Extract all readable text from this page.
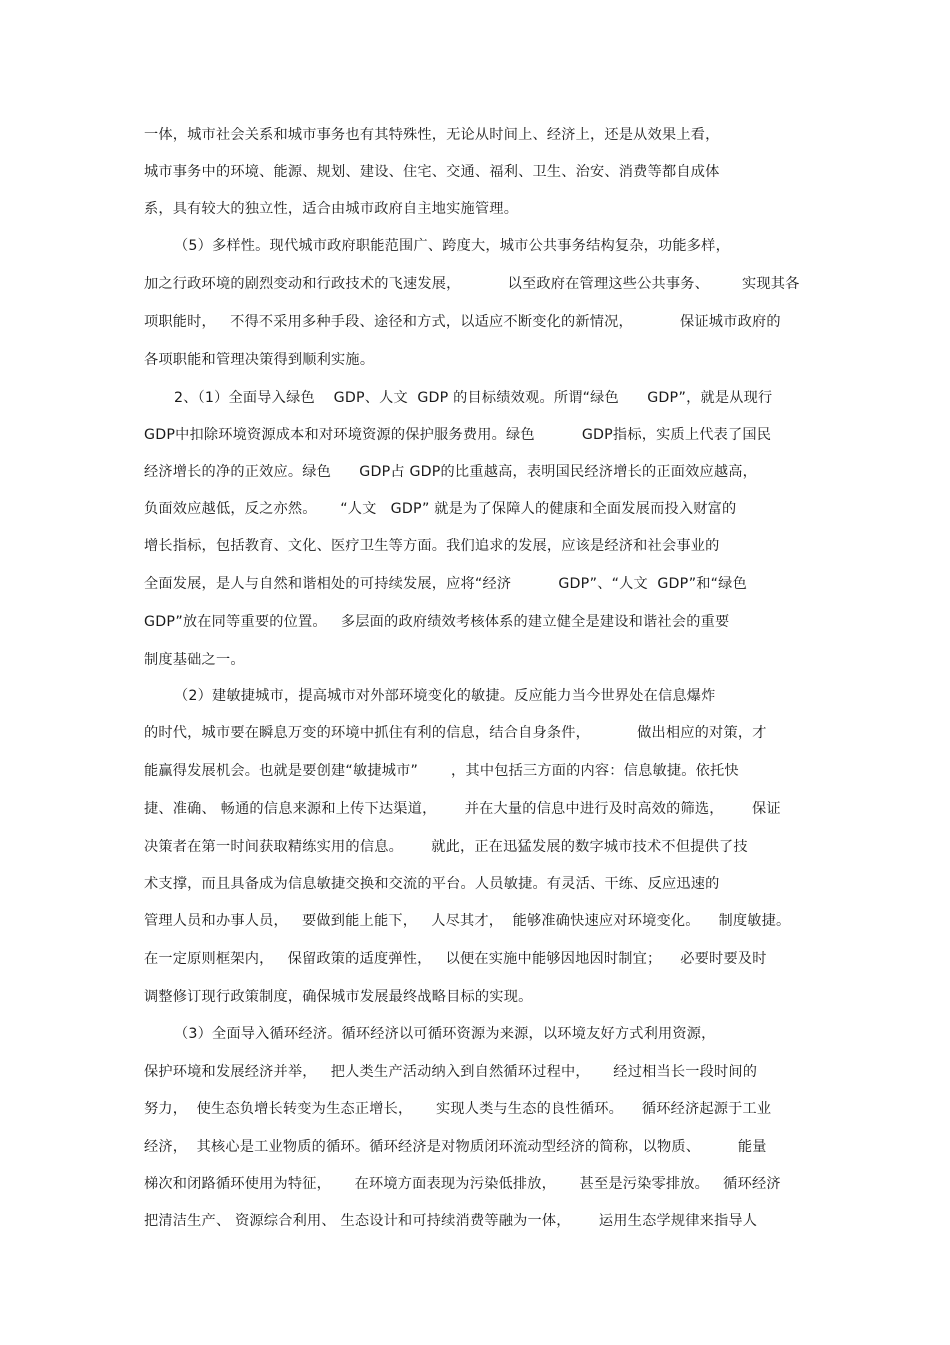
一体，城市社会关系和城市事务也有其特殊性，无论从时间上、经济上，还是从效果上看，
城市事务中的环境、能源、规划、建设、住宅、交通、福利、卫生、治安、消费等都自成体
系，具有较大的独立性，适合由城市政府自主地实施管理。
（5）多样性。现代城市政府职能范围广、跨度大，城市公共事务结构复杂，功能多样，
加之行政环境的剧烈变动和行政技术的飞速发展，          以至政府在管理这些公共事务、       实现其各
项职能时，   不得不采用多种手段、途径和方式，以适应不断变化的新情况，          保证城市政府的
各项职能和管理决策得到顺利实施。
2、（1）全面导入绿色    GDP、人文  GDP 的目标绩效观。所谓“绿色      GDP”，就是从现行
GDP中扣除环境资源成本和对环境资源的保护服务费用。绿色          GDP指标，实质上代表了国民
经济增长的净的正效应。绿色      GDP占 GDP的比重越高，表明国民经济增长的正面效应越高，
负面效应越低，反之亦然。     “人文   GDP” 就是为了保障人的健康和全面发展而投入财富的
增长指标，包括教育、文化、医疗卫生等方面。我们追求的发展，应该是经济和社会事业的
全面发展，是人与自然和谐相处的可持续发展，应将“经济          GDP”、“人文  GDP”和“绿色
GDP”放在同等重要的位置。   多层面的政府绩效考核体系的建立健全是建设和谐社会的重要
制度基础之一。
（2）建敏捷城市，提高城市对外部环境变化的敏捷。反应能力当今世界处在信息爆炸
的时代，城市要在瞬息万变的环境中抓住有利的信息，结合自身条件，          做出相应的对策，才
能赢得发展机会。也就是要创建“敏捷城市”       ，其中包括三方面的内容：信息敏捷。依托快
捷、准确、 畅通的信息来源和上传下达渠道，      并在大量的信息中进行及时高效的筛选，      保证
决策者在第一时间获取精练实用的信息。      就此，正在迅猛发展的数字城市技术不但提供了技
术支撑，而且具备成为信息敏捷交换和交流的平台。人员敏捷。有灵活、干练、反应迅速的
管理人员和办事人员，   要做到能上能下，   人尽其才，  能够准确快速应对环境变化。    制度敏捷。
在一定原则框架内，   保留政策的适度弹性，   以便在实施中能够因地因时制宜；    必要时要及时
调整修订现行政策制度，确保城市发展最终战略目标的实现。
（3）全面导入循环经济。循环经济以可循环资源为来源，以环境友好方式利用资源，
保护环境和发展经济并举，   把人类生产活动纳入到自然循环过程中，     经过相当长一段时间的
努力，  使生态负增长转变为生态正增长，     实现人类与生态的良性循环。    循环经济起源于工业
经济，  其核心是工业物质的循环。循环经济是对物质闭环流动型经济的简称，以物质、        能量
梯次和闭路循环使用为特征，     在环境方面表现为污染低排放，     甚至是污染零排放。   循环经济
把清洁生产、 资源综合利用、 生态设计和可持续消费等融为一体，      运用生态学规律来指导人
